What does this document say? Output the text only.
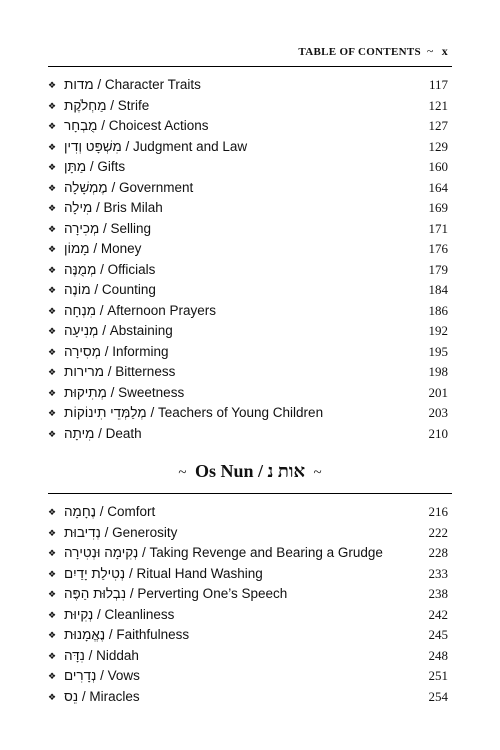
TABLE OF CONTENTS ~ x
❖ מדות / Character Traits	117
❖ מַחְלֹקֶת / Strife	121
❖ מֻבְחָר / Choicest Actions	127
❖ מִשְׁפָּט וְדִין / Judgment and Law	129
❖ מַתָּן / Gifts	160
❖ מֶמְשָׁלָה / Government	164
❖ מִילָה / Bris Milah	169
❖ מְכִירָה / Selling	171
❖ מָמוֹן / Money	176
❖ מְמֻנֶּה / Officials	179
❖ מוֹנֶה / Counting	184
❖ מִנְחָה / Afternoon Prayers	186
❖ מְנִיעָה / Abstaining	192
❖ מְסִירָה / Informing	195
❖ מרירות / Bitterness	198
❖ מְתִיקוּת / Sweetness	201
❖ מְלַמְּדֵי תִינוֹקוֹת / Teachers of Young Children	203
❖ מִיתָה / Death	210
~ Os Nun / אות נ ~
❖ נֶחָמָה / Comfort	216
❖ נְדִיבוּת / Generosity	222
❖ נְקִימָה וּנְטִירָה / Taking Revenge and Bearing a Grudge	228
❖ נְטִילַת יָדַיִם / Ritual Hand Washing	233
❖ נִבְלוּת הַפֶּה / Perverting One’s Speech	238
❖ נְקִיוּת / Cleanliness	242
❖ נֶאֱמָנוּת / Faithfulness	245
❖ נִדָּה / Niddah	248
❖ נְדָרִים / Vows	251
❖ נֵס / Miracles	254
